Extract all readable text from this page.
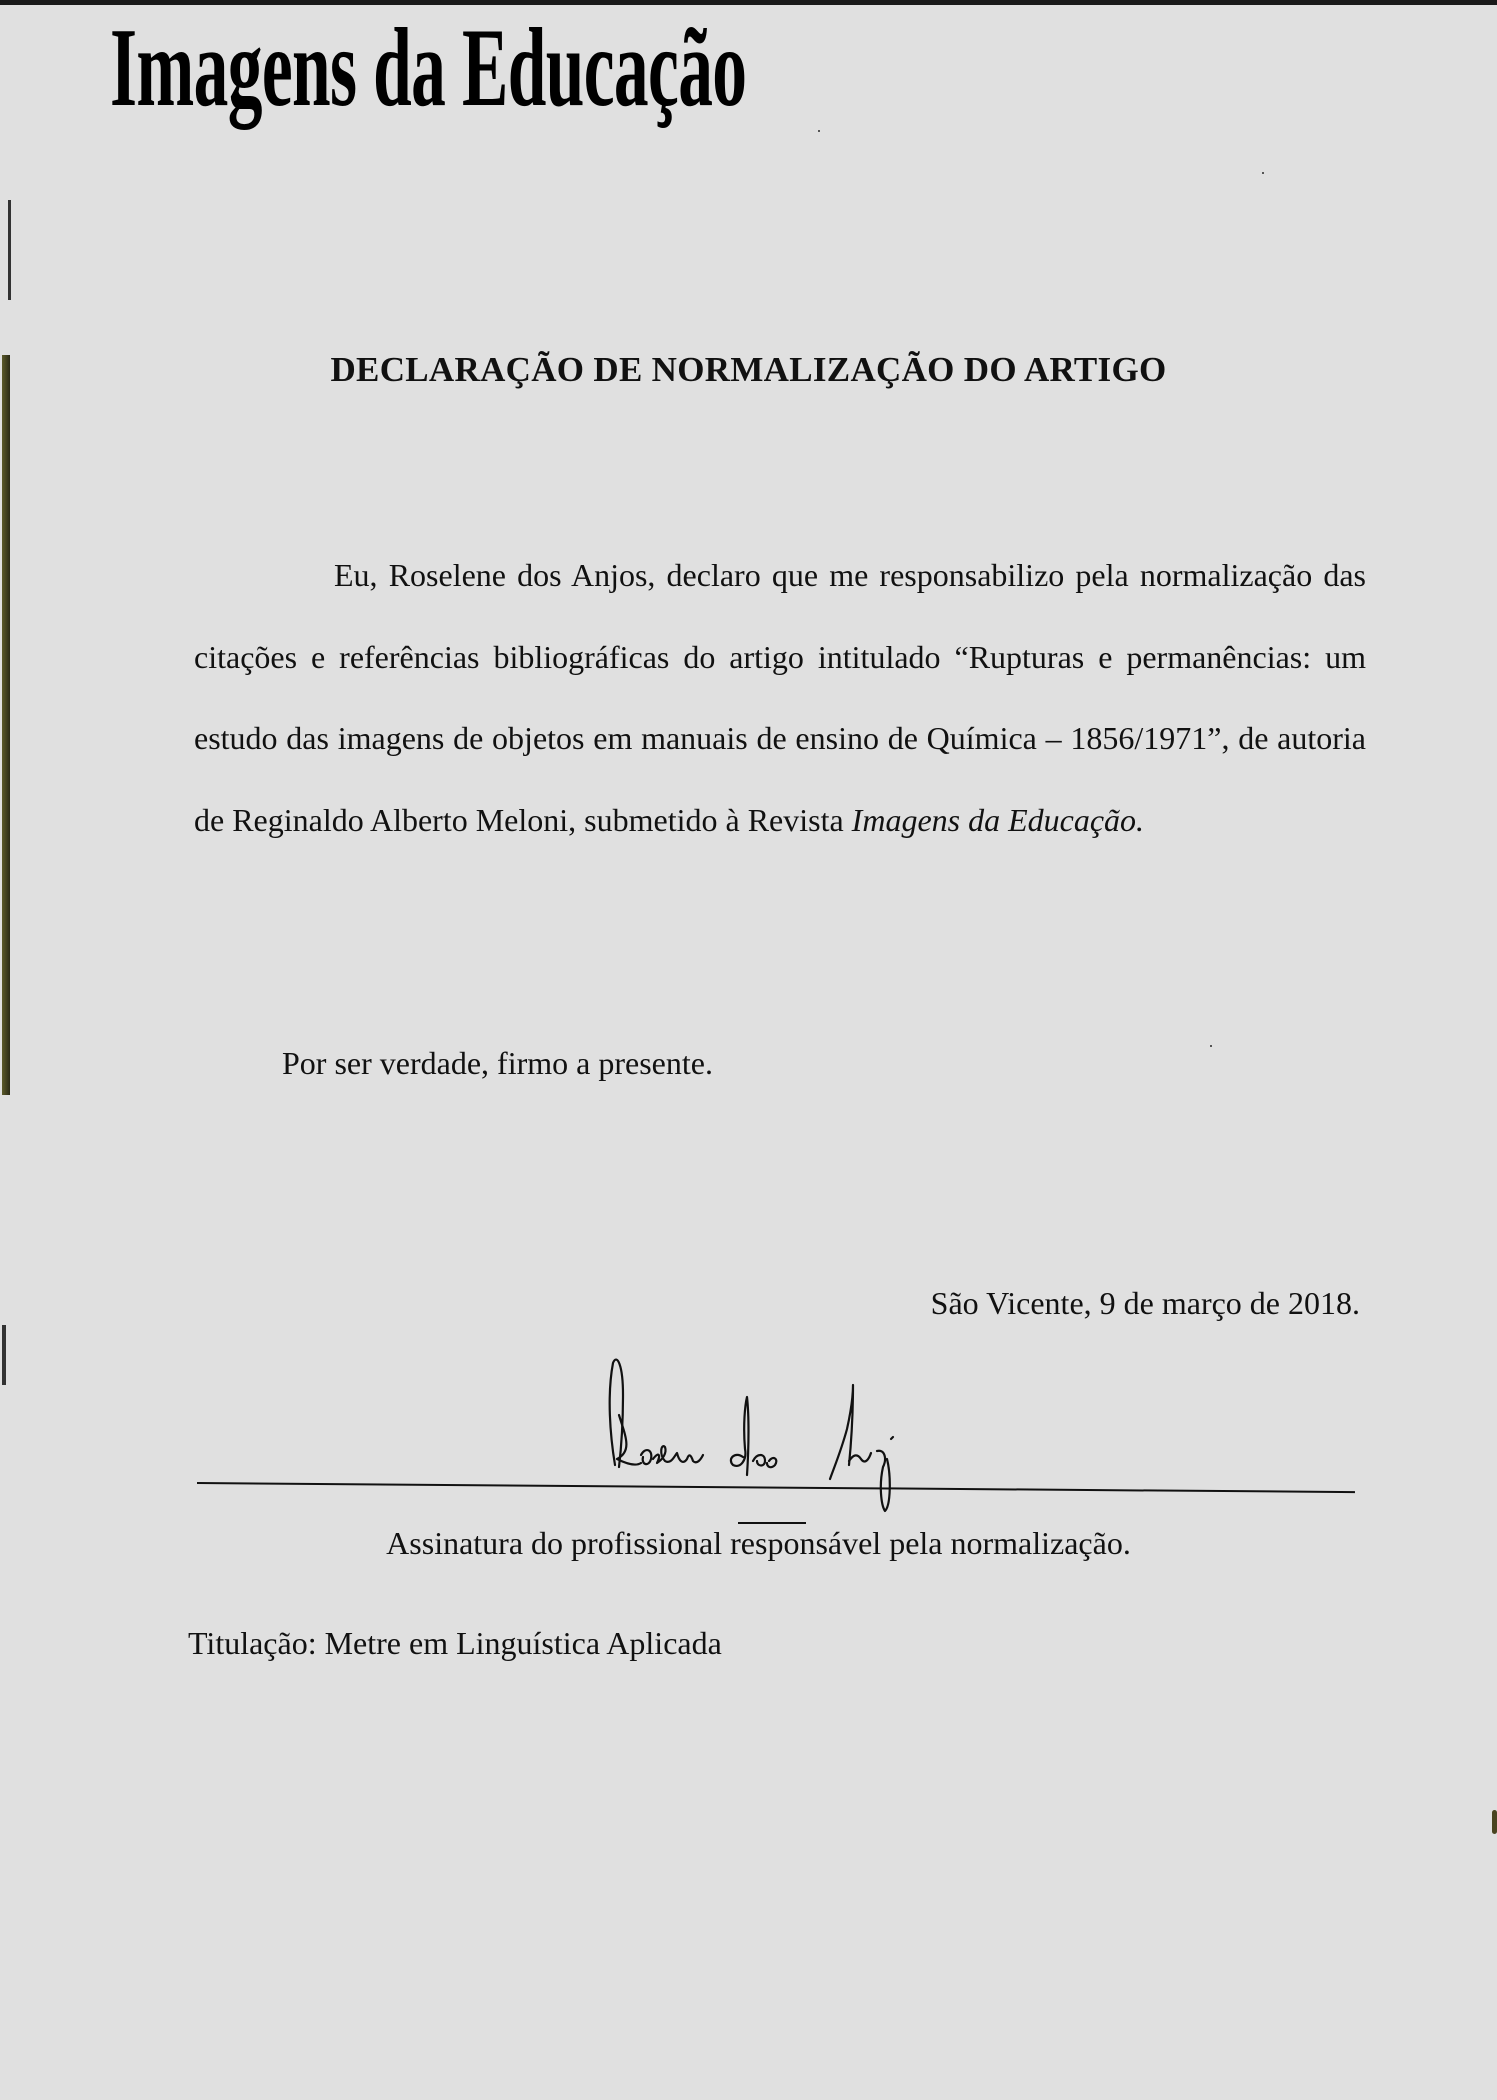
Imagens da Educação
DECLARAÇÃO DE NORMALIZAÇÃO DO ARTIGO
Eu, Roselene dos Anjos, declaro que me responsabilizo pela normalização das citações e referências bibliográficas do artigo intitulado “Rupturas e permanências: um estudo das imagens de objetos em manuais de ensino de Química – 1856/1971”, de autoria de Reginaldo Alberto Meloni, submetido à Revista Imagens da Educação.
Por ser verdade, firmo a presente.
São Vicente, 9 de março de 2018.
Assinatura do profissional responsável pela normalização.
Titulação: Metre em Linguística Aplicada
